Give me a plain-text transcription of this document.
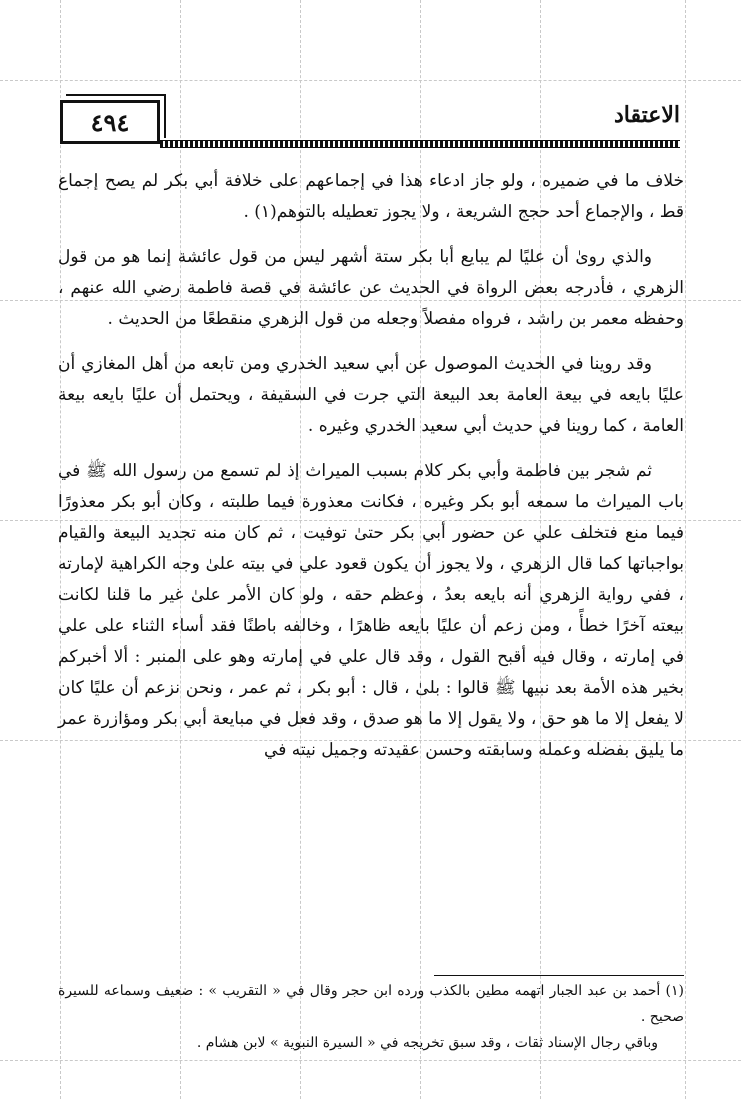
٤٩٤	الاعتقاد

خلاف ما في ضميره ، ولو جاز ادعاء هذا في إجماعهم على خلافة أبي بكر لم يصح إجماع قط ، والإجماع أحد حجج الشريعة ، ولا يجوز تعطيله بالتوهم(١) .

والذي روىٰ أن عليًا لم يبايع أبا بكر ستة أشهر ليس من قول عائشة إنما هو من قول الزهري ، فأدرجه بعض الرواة في الحديث عن عائشة في قصة فاطمة رضي الله عنهم ، وحفظه معمر بن راشد ، فرواه مفصلاً وجعله من قول الزهري منقطعًا من الحديث .

وقد روينا في الحديث الموصول عن أبي سعيد الخدري ومن تابعه من أهل المغازي أن عليًا بايعه في بيعة العامة بعد البيعة التي جرت في السقيفة ، ويحتمل أن عليًا بايعه بيعة العامة ، كما روينا في حديث أبي سعيد الخدري وغيره .

ثم شجر بين فاطمة وأبي بكر كلام بسبب الميراث إذ لم تسمع من رسول الله ﷺ في باب الميراث ما سمعه أبو بكر وغيره ، فكانت معذورة فيما طلبته ، وكان أبو بكر معذورًا فيما منع فتخلف علي عن حضور أبي بكر حتىٰ توفيت ، ثم كان منه تجديد البيعة والقيام بواجباتها كما قال الزهري ، ولا يجوز أن يكون قعود علي في بيته علىٰ وجه الكراهية لإمارته ، ففي رواية الزهري أنه بايعه بعدُ ، وعظم حقه ، ولو كان الأمر علىٰ غير ما قلنا لكانت بيعته آخرًا خطأً ، ومن زعم أن عليًا بايعه ظاهرًا ، وخالفه باطنًا فقد أساء الثناء على علي في إمارته ، وقال فيه أقبح القول ، وقد قال علي في إمارته وهو على المنبر : ألا أخبركم بخير هذه الأمة بعد نبيها ﷺ قالوا : بلىٰ ، قال : أبو بكر ، ثم عمر ، ونحن نزعم أن عليًا كان لا يفعل إلا ما هو حق ، ولا يقول إلا ما هو صدق ، وقد فعل في مبايعة أبي بكر ومؤازرة عمر ما يليق بفضله وعمله وسابقته وحسن عقيدته وجميل نيته في

(١) أحمد بن عبد الجبار اتهمه مطين بالكذب ورده ابن حجر وقال في « التقريب » : ضعيف وسماعه للسيرة صحيح .

وباقي رجال الإسناد ثقات ، وقد سبق تخريجه في « السيرة النبوية » لابن هشام .
